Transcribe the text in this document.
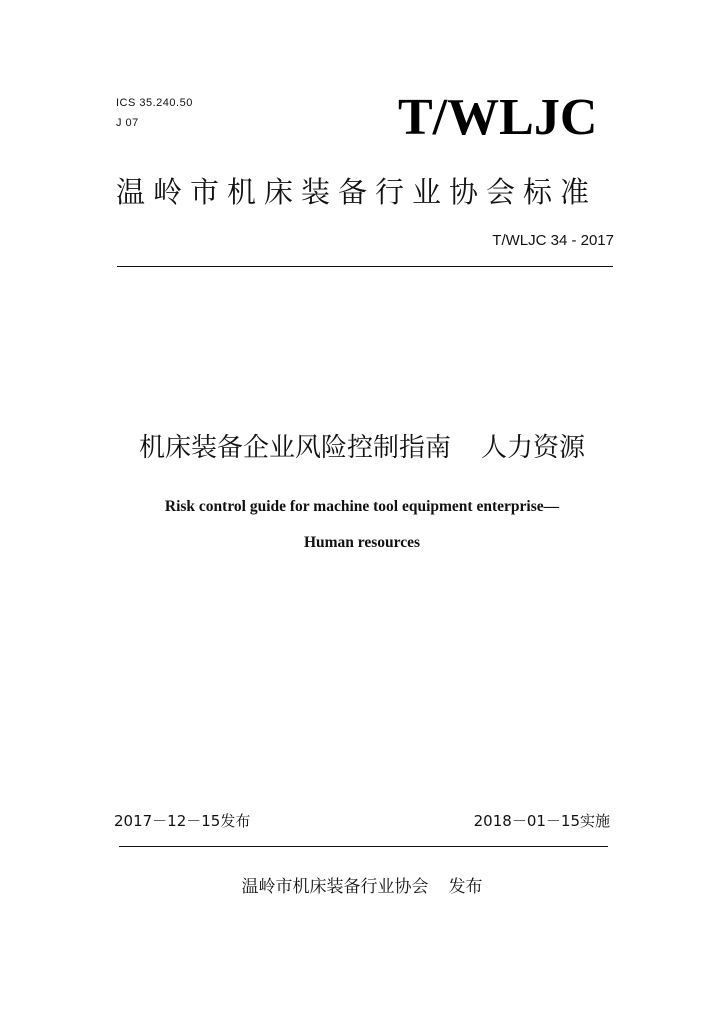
ICS 35.240.50
J 07	T/WLJC
温岭市机床装备行业协会标准
T/WLJC 34 - 2017
机床装备企业风险控制指南 人力资源
Risk control guide for machine tool equipment enterprise—
Human resources
2017－12－15发布	2018－01－15实施
温岭市机床装备行业协会 发布
